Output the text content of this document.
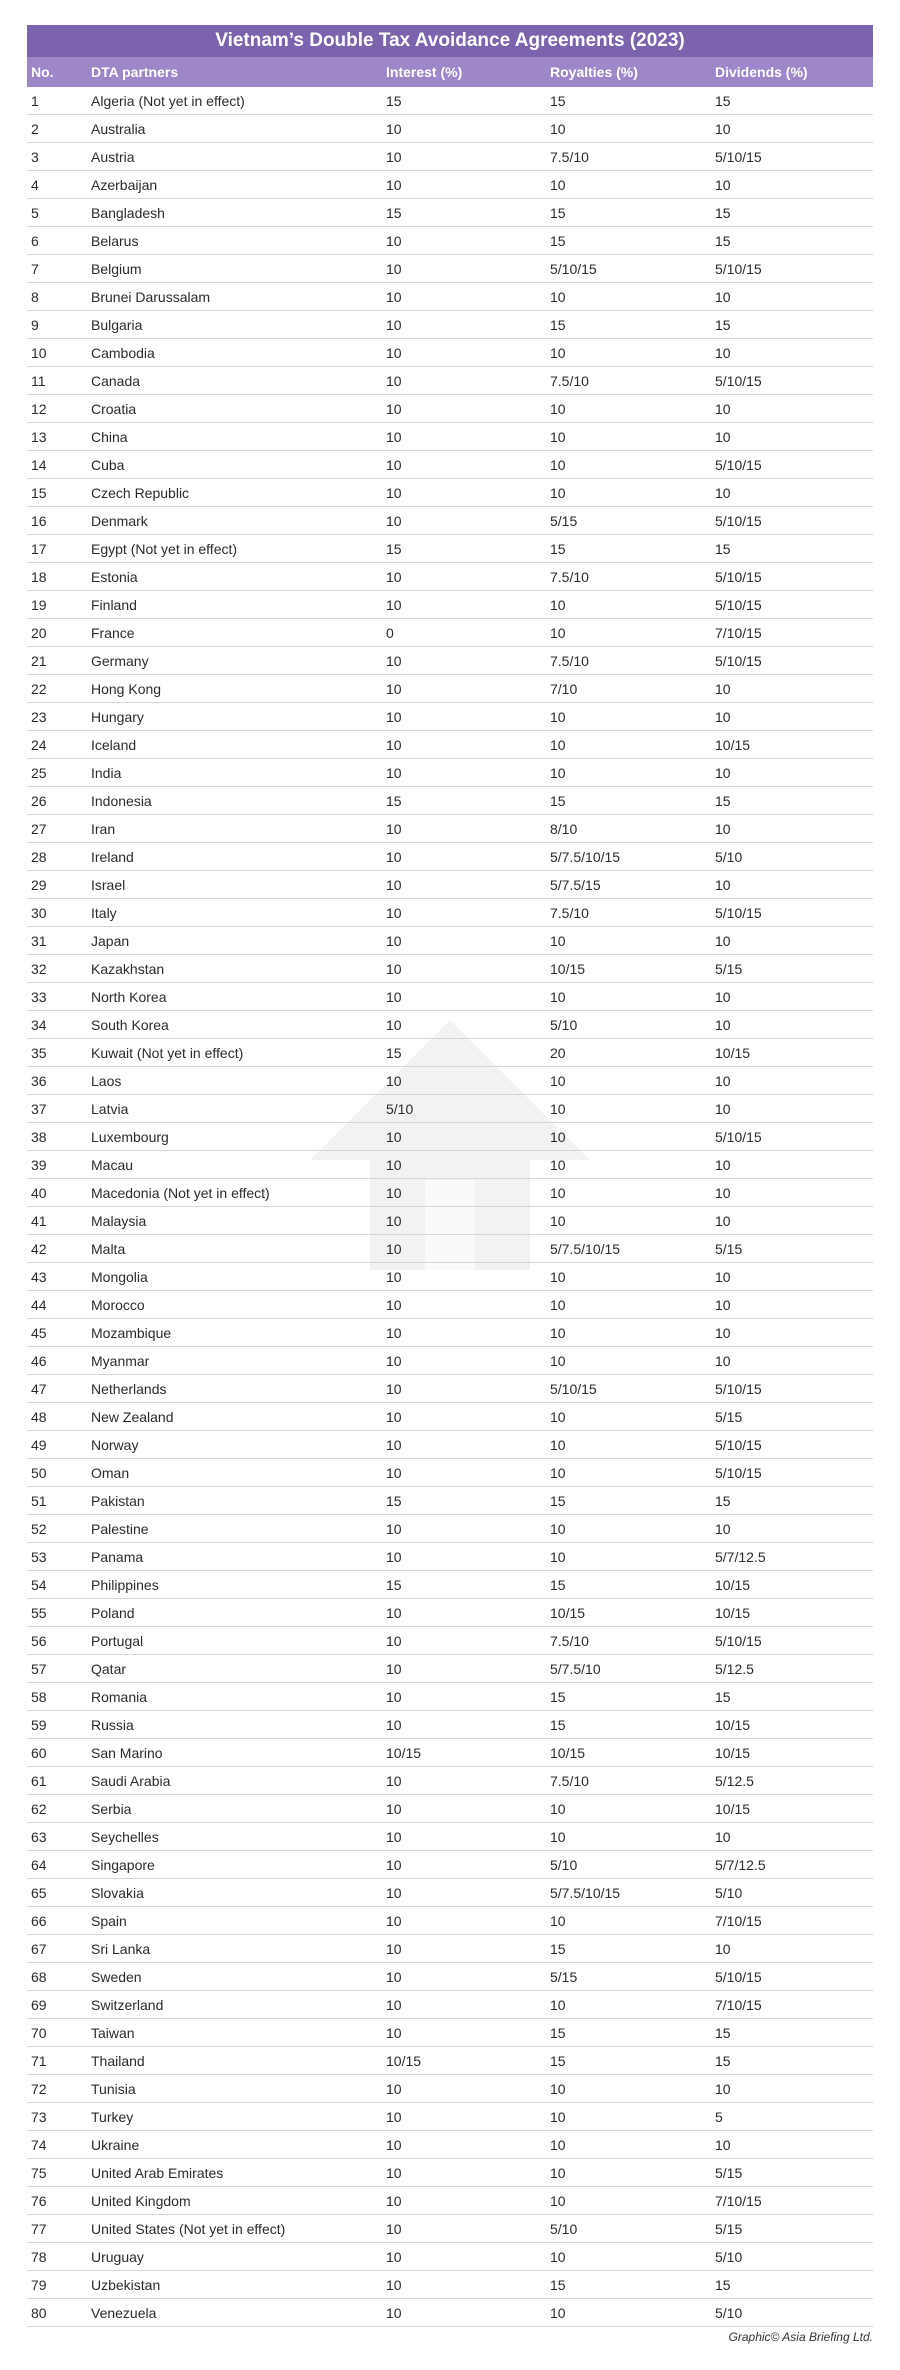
Vietnam’s Double Tax Avoidance Agreements (2023)
No.	DTA partners	Interest (%)	Royalties (%)	Dividends (%)
1	Algeria (Not yet in effect)	15	15	15
2	Australia	10	10	10
3	Austria	10	7.5/10	5/10/15
4	Azerbaijan	10	10	10
5	Bangladesh	15	15	15
6	Belarus	10	15	15
7	Belgium	10	5/10/15	5/10/15
8	Brunei Darussalam	10	10	10
9	Bulgaria	10	15	15
10	Cambodia	10	10	10
11	Canada	10	7.5/10	5/10/15
12	Croatia	10	10	10
13	China	10	10	10
14	Cuba	10	10	5/10/15
15	Czech Republic	10	10	10
16	Denmark	10	5/15	5/10/15
17	Egypt (Not yet in effect)	15	15	15
18	Estonia	10	7.5/10	5/10/15
19	Finland	10	10	5/10/15
20	France	0	10	7/10/15
21	Germany	10	7.5/10	5/10/15
22	Hong Kong	10	7/10	10
23	Hungary	10	10	10
24	Iceland	10	10	10/15
25	India	10	10	10
26	Indonesia	15	15	15
27	Iran	10	8/10	10
28	Ireland	10	5/7.5/10/15	5/10
29	Israel	10	5/7.5/15	10
30	Italy	10	7.5/10	5/10/15
31	Japan	10	10	10
32	Kazakhstan	10	10/15	5/15
33	North Korea	10	10	10
34	South Korea	10	5/10	10
35	Kuwait (Not yet in effect)	15	20	10/15
36	Laos	10	10	10
37	Latvia	5/10	10	10
38	Luxembourg	10	10	5/10/15
39	Macau	10	10	10
40	Macedonia (Not yet in effect)	10	10	10
41	Malaysia	10	10	10
42	Malta	10	5/7.5/10/15	5/15
43	Mongolia	10	10	10
44	Morocco	10	10	10
45	Mozambique	10	10	10
46	Myanmar	10	10	10
47	Netherlands	10	5/10/15	5/10/15
48	New Zealand	10	10	5/15
49	Norway	10	10	5/10/15
50	Oman	10	10	5/10/15
51	Pakistan	15	15	15
52	Palestine	10	10	10
53	Panama	10	10	5/7/12.5
54	Philippines	15	15	10/15
55	Poland	10	10/15	10/15
56	Portugal	10	7.5/10	5/10/15
57	Qatar	10	5/7.5/10	5/12.5
58	Romania	10	15	15
59	Russia	10	15	10/15
60	San Marino	10/15	10/15	10/15
61	Saudi Arabia	10	7.5/10	5/12.5
62	Serbia	10	10	10/15
63	Seychelles	10	10	10
64	Singapore	10	5/10	5/7/12.5
65	Slovakia	10	5/7.5/10/15	5/10
66	Spain	10	10	7/10/15
67	Sri Lanka	10	15	10
68	Sweden	10	5/15	5/10/15
69	Switzerland	10	10	7/10/15
70	Taiwan	10	15	15
71	Thailand	10/15	15	15
72	Tunisia	10	10	10
73	Turkey	10	10	5
74	Ukraine	10	10	10
75	United Arab Emirates	10	10	5/15
76	United Kingdom	10	10	7/10/15
77	United States (Not yet in effect)	10	5/10	5/15
78	Uruguay	10	10	5/10
79	Uzbekistan	10	15	15
80	Venezuela	10	10	5/10
Graphic© Asia Briefing Ltd.
